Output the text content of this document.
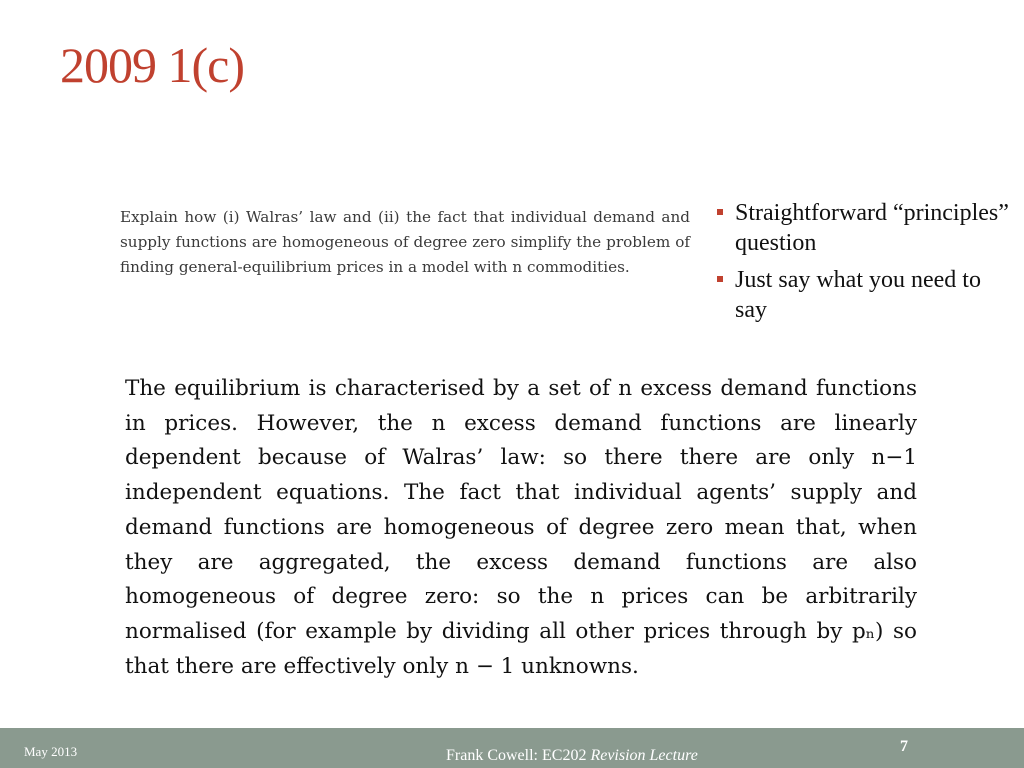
2009 1(c)
Explain how (i) Walras’ law and (ii) the fact that individual demand and supply functions are homogeneous of degree zero simplify the problem of finding general-equilibrium prices in a model with n commodities.
Straightforward “principles” question
Just say what you need to say
The equilibrium is characterised by a set of n excess demand functions in prices. However, the n excess demand functions are linearly dependent because of Walras’ law: so there there are only n−1 independent equations. The fact that individual agents’ supply and demand functions are homogeneous of degree zero mean that, when they are aggregated, the excess demand functions are also homogeneous of degree zero: so the n prices can be arbitrarily normalised (for example by dividing all other prices through by pₙ) so that there are effectively only n − 1 unknowns.
May 2013	Frank Cowell: EC202 Revision Lecture
7
